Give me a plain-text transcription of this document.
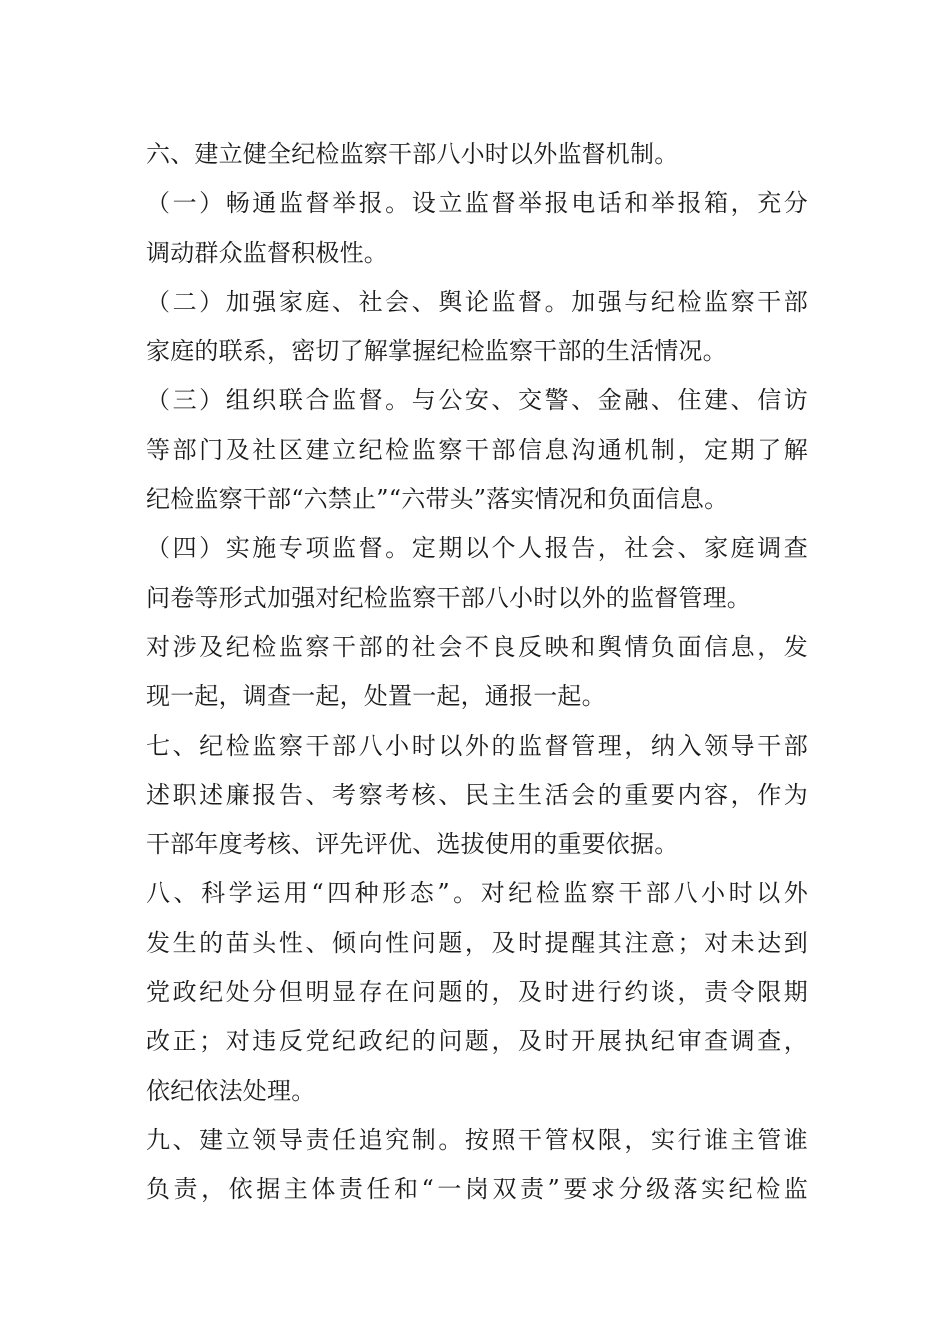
六、建立健全纪检监察干部八小时以外监督机制。
（一）畅通监督举报。设立监督举报电话和举报箱，充分
调动群众监督积极性。
（二）加强家庭、社会、舆论监督。加强与纪检监察干部
家庭的联系，密切了解掌握纪检监察干部的生活情况。
（三）组织联合监督。与公安、交警、金融、住建、信访
等部门及社区建立纪检监察干部信息沟通机制，定期了解
纪检监察干部“六禁止”“六带头”落实情况和负面信息。
（四）实施专项监督。定期以个人报告，社会、家庭调查
问卷等形式加强对纪检监察干部八小时以外的监督管理。
对涉及纪检监察干部的社会不良反映和舆情负面信息，发
现一起，调查一起，处置一起，通报一起。
七、纪检监察干部八小时以外的监督管理，纳入领导干部
述职述廉报告、考察考核、民主生活会的重要内容，作为
干部年度考核、评先评优、选拔使用的重要依据。
八、科学运用“四种形态”。对纪检监察干部八小时以外
发生的苗头性、倾向性问题，及时提醒其注意；对未达到
党政纪处分但明显存在问题的，及时进行约谈，责令限期
改正；对违反党纪政纪的问题，及时开展执纪审查调查，
依纪依法处理。
九、建立领导责任追究制。按照干管权限，实行谁主管谁
负责，依据主体责任和“一岗双责”要求分级落实纪检监
